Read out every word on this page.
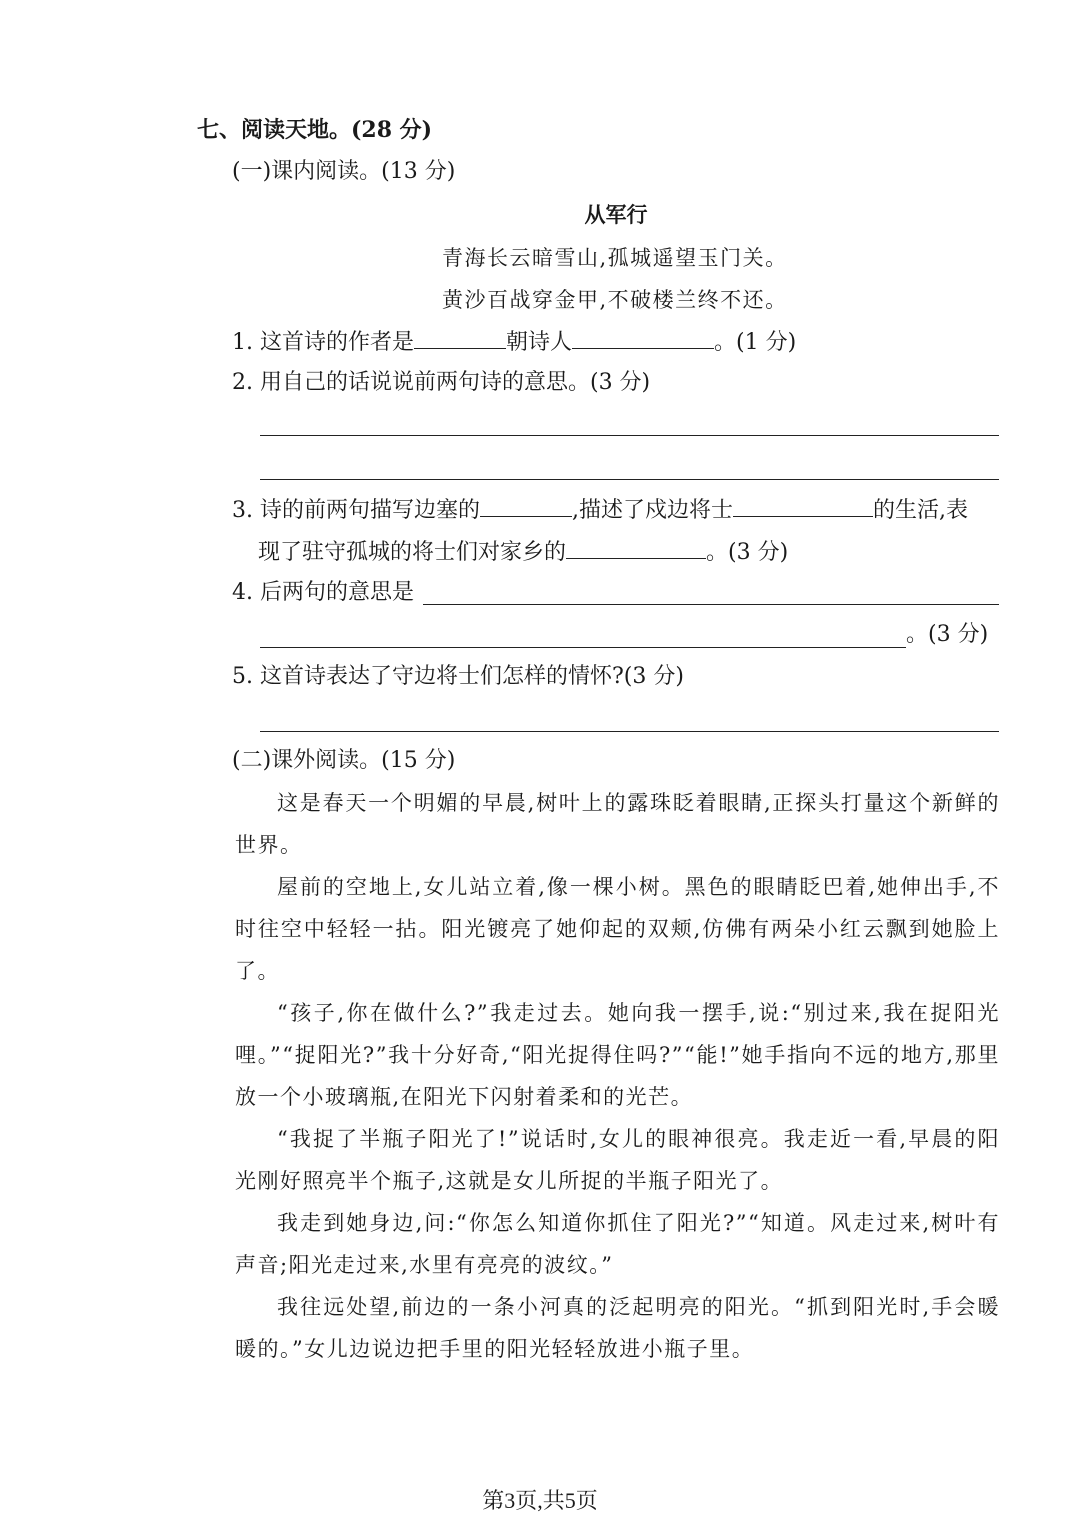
七、阅读天地。(28 分)
(一)课内阅读。(13 分)
从军行
青海长云暗雪山,孤城遥望玉门关。
黄沙百战穿金甲,不破楼兰终不还。
1. 这首诗的作者是	朝诗人	。(1 分)
2. 用自己的话说说前两句诗的意思。(3 分)
3. 诗的前两句描写边塞的	,描述了戍边将士	的生活,表
现了驻守孤城的将士们对家乡的	。(3 分)
4. 后两句的意思是
。(3 分)
5. 这首诗表达了守边将士们怎样的情怀?(3 分)
(二)课外阅读。(15 分)
这是春天一个明媚的早晨,树叶上的露珠眨着眼睛,正探头打量这个新鲜的世界。
屋前的空地上,女儿站立着,像一棵小树。黑色的眼睛眨巴着,她伸出手,不时往空中轻轻一拈。阳光镀亮了她仰起的双颊,仿佛有两朵小红云飘到她脸上了。
“孩子,你在做什么?”我走过去。她向我一摆手,说:“别过来,我在捉阳光哩。”“捉阳光?”我十分好奇,“阳光捉得住吗?”“能!”她手指向不远的地方,那里放一个小玻璃瓶,在阳光下闪射着柔和的光芒。
“我捉了半瓶子阳光了!”说话时,女儿的眼神很亮。我走近一看,早晨的阳光刚好照亮半个瓶子,这就是女儿所捉的半瓶子阳光了。
我走到她身边,问:“你怎么知道你抓住了阳光?”“知道。风走过来,树叶有声音;阳光走过来,水里有亮亮的波纹。”
我往远处望,前边的一条小河真的泛起明亮的阳光。“抓到阳光时,手会暖暖的。”女儿边说边把手里的阳光轻轻放进小瓶子里。
第3页,共5页
